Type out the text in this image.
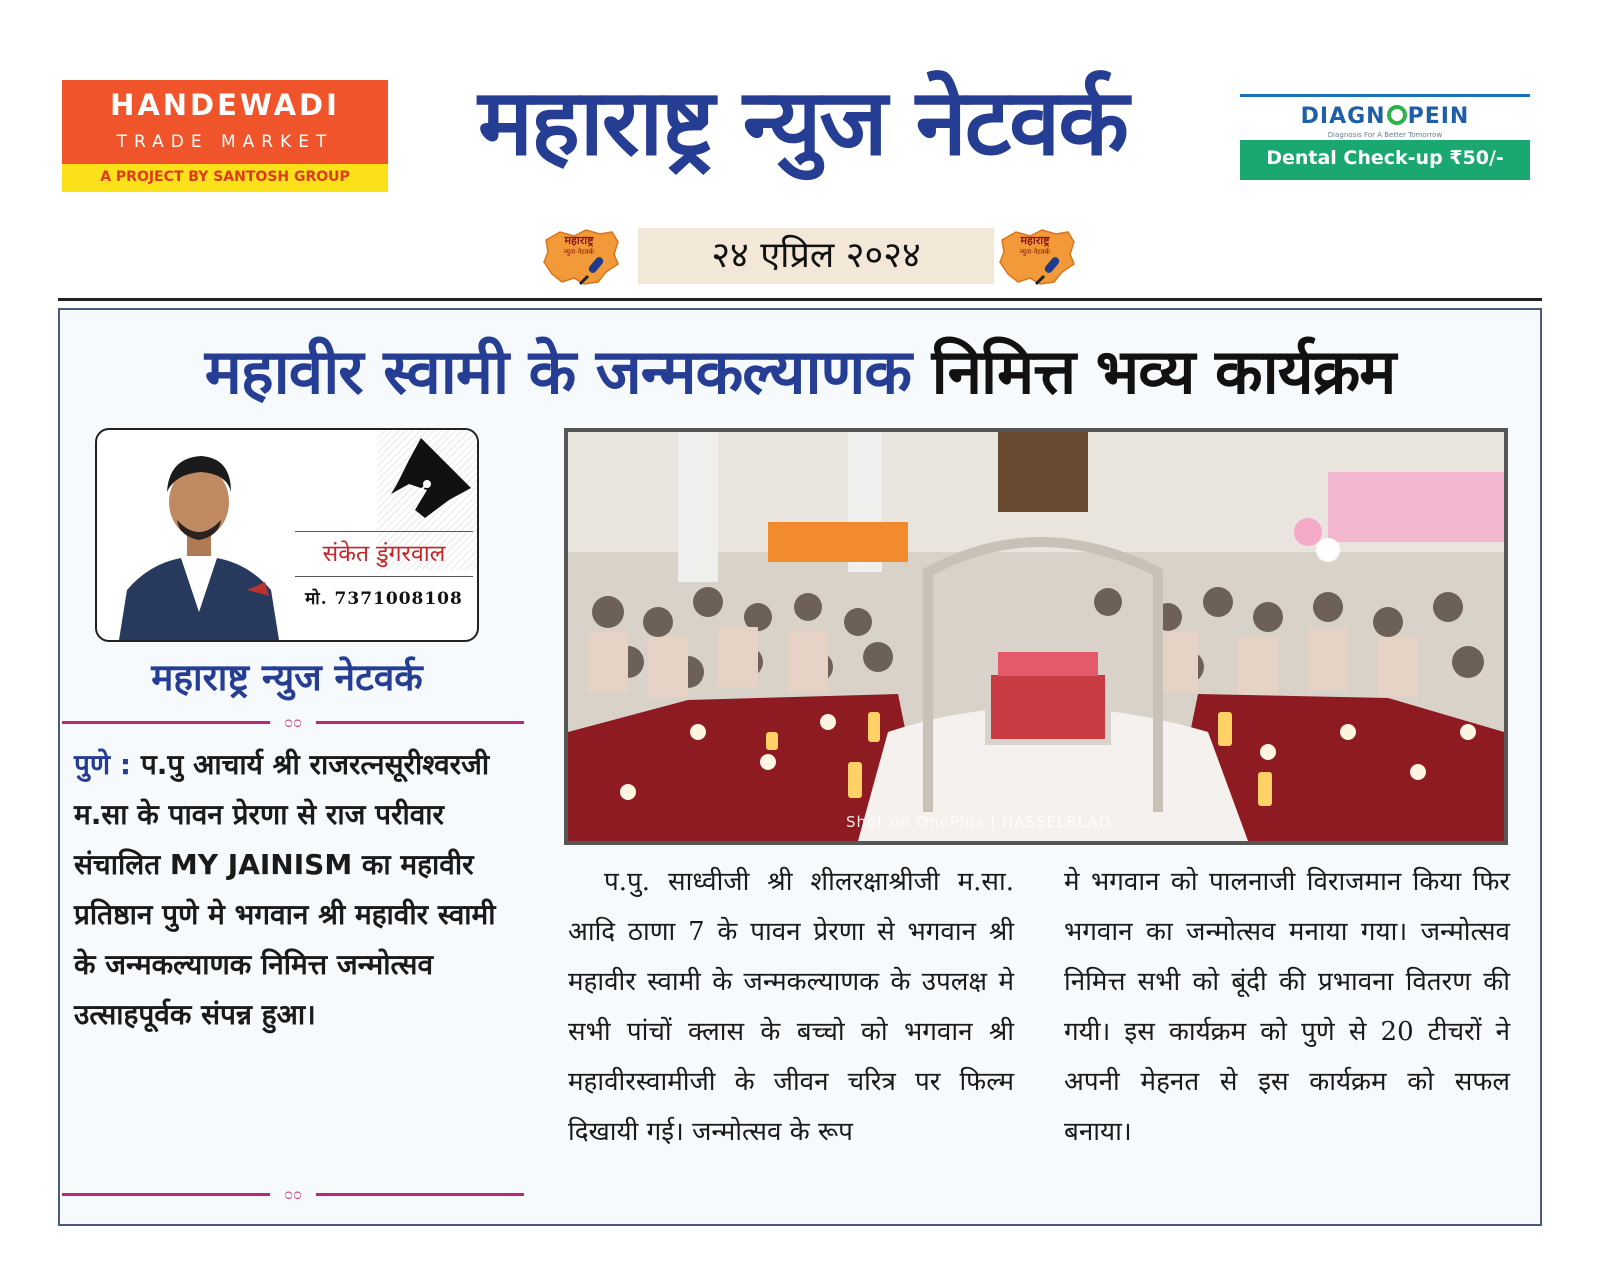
HANDEWADI
TRADE MARKET
A PROJECT BY SANTOSH GROUP
महाराष्ट्र न्युज नेटवर्क	DIAGN PEIN
Diagnosis For A Better Tomorrow
Dental Check-up ₹50/-
महाराष्ट्र
न्युज नेटवर्क	२४ एप्रिल २०२४	महाराष्ट्र
न्युज नेटवर्क
महावीर स्वामी के जन्मकल्याणक निमित्त भव्य कार्यक्रम
संकेत डुंगरवाल
मो. 7371008108
महाराष्ट्र न्युज नेटवर्क
೦೦
पुणे : प.पु आचार्य श्री राजरत्नसूरीश्वरजी म.सा के पावन प्रेरणा से राज परीवार संचालित MY JAINISM का महावीर प्रतिष्ठान पुणे मे भगवान श्री महावीर स्वामी के जन्मकल्याणक निमित्त जन्मोत्सव उत्साहपूर्वक संपन्न हुआ।
೦೦
Shot on OnePlus | HASSELBLAD
प.पु. साध्वीजी श्री शीलरक्षाश्रीजी म.सा. आदि ठाणा 7 के पावन प्रेरणा से भगवान श्री महावीर स्वामी के जन्मकल्याणक के उपलक्ष मे सभी पांचों क्लास के बच्चो को भगवान श्री महावीरस्वामीजी के जीवन चरित्र पर फिल्म दिखायी गई। जन्मोत्सव के रूप
मे भगवान को पालनाजी विराजमान किया फिर भगवान का जन्मोत्सव मनाया गया। जन्मोत्सव निमित्त सभी को बूंदी की प्रभावना वितरण की गयी। इस कार्यक्रम को पुणे से 20 टीचरों ने अपनी मेहनत से इस कार्यक्रम को सफल बनाया।
